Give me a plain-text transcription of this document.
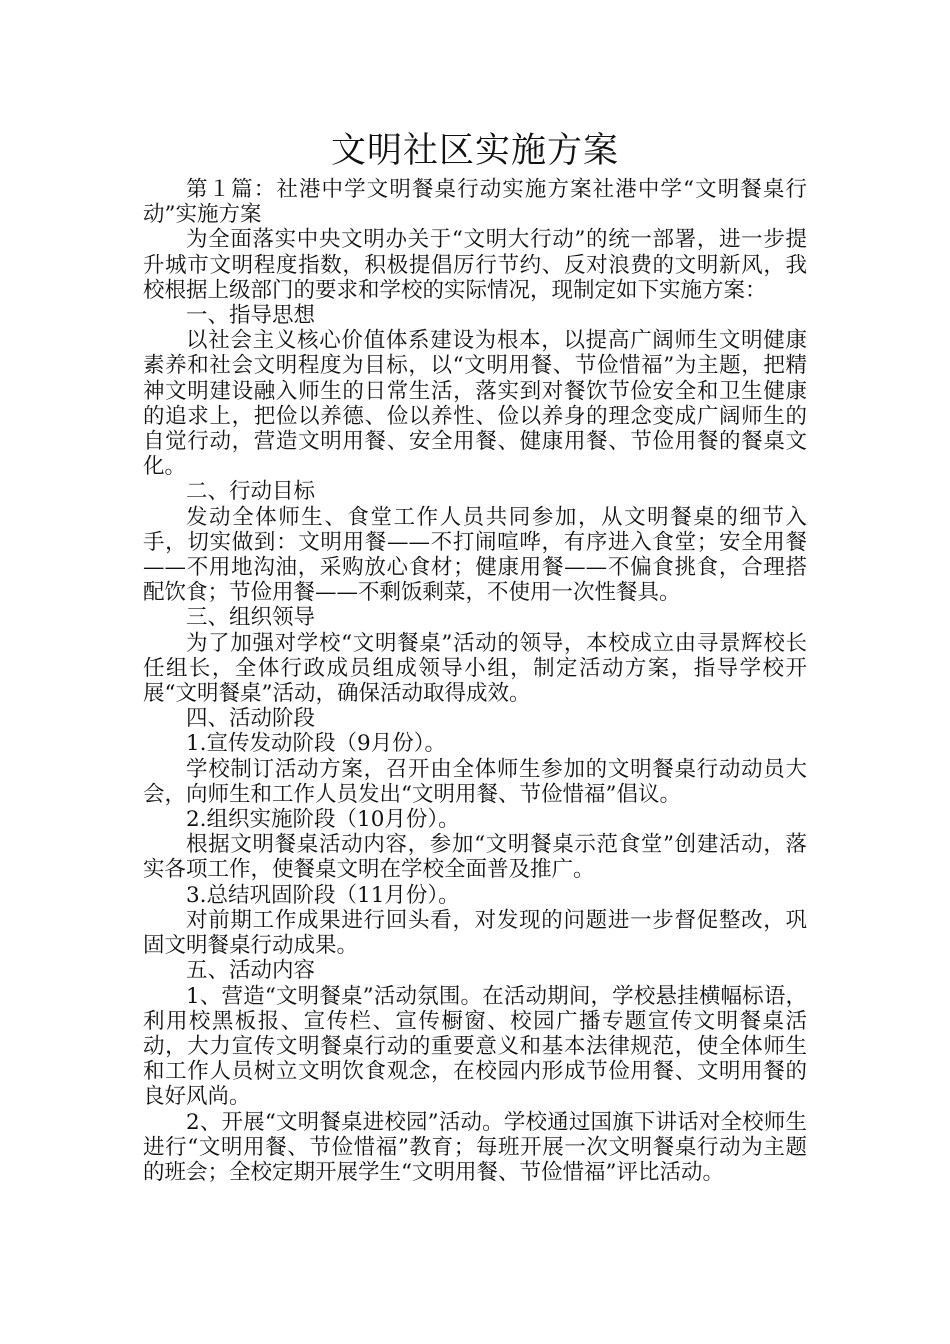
文明社区实施方案

第１篇：社港中学文明餐桌行动实施方案社港中学“文明餐桌行动”实施方案

为全面落实中央文明办关于“文明大行动”的统一部署，进一步提升城市文明程度指数，积极提倡厉行节约、反对浪费的文明新风，我校根据上级部门的要求和学校的实际情况，现制定如下实施方案：

一、指导思想

以社会主义核心价值体系建设为根本，以提高广阔师生文明健康素养和社会文明程度为目标，以“文明用餐、节俭惜福”为主题，把精神文明建设融入师生的日常生活，落实到对餐饮节俭安全和卫生健康的追求上，把俭以养德、俭以养性、俭以养身的理念变成广阔师生的自觉行动，营造文明用餐、安全用餐、健康用餐、节俭用餐的餐桌文化。

二、行动目标

发动全体师生、食堂工作人员共同参加，从文明餐桌的细节入手，切实做到：文明用餐——不打闹喧哗，有序进入食堂；安全用餐——不用地沟油，采购放心食材；健康用餐——不偏食挑食，合理搭配饮食；节俭用餐——不剩饭剩菜，不使用一次性餐具。

三、组织领导

为了加强对学校“文明餐桌”活动的领导，本校成立由寻景辉校长任组长，全体行政成员组成领导小组，制定活动方案，指导学校开展“文明餐桌”活动，确保活动取得成效。

四、活动阶段

1.宣传发动阶段（9月份）。

学校制订活动方案，召开由全体师生参加的文明餐桌行动动员大会，向师生和工作人员发出“文明用餐、节俭惜福”倡议。

2.组织实施阶段（10月份）。

根据文明餐桌活动内容，参加“文明餐桌示范食堂”创建活动，落实各项工作，使餐桌文明在学校全面普及推广。

3.总结巩固阶段（11月份）。

对前期工作成果进行回头看，对发现的问题进一步督促整改，巩固文明餐桌行动成果。

五、活动内容

1、营造“文明餐桌”活动氛围。在活动期间，学校悬挂横幅标语，利用校黑板报、宣传栏、宣传橱窗、校园广播专题宣传文明餐桌活动，大力宣传文明餐桌行动的重要意义和基本法律规范，使全体师生和工作人员树立文明饮食观念，在校园内形成节俭用餐、文明用餐的良好风尚。

2、开展“文明餐桌进校园”活动。学校通过国旗下讲话对全校师生进行“文明用餐、节俭惜福”教育；每班开展一次文明餐桌行动为主题的班会；全校定期开展学生“文明用餐、节俭惜福”评比活动。
